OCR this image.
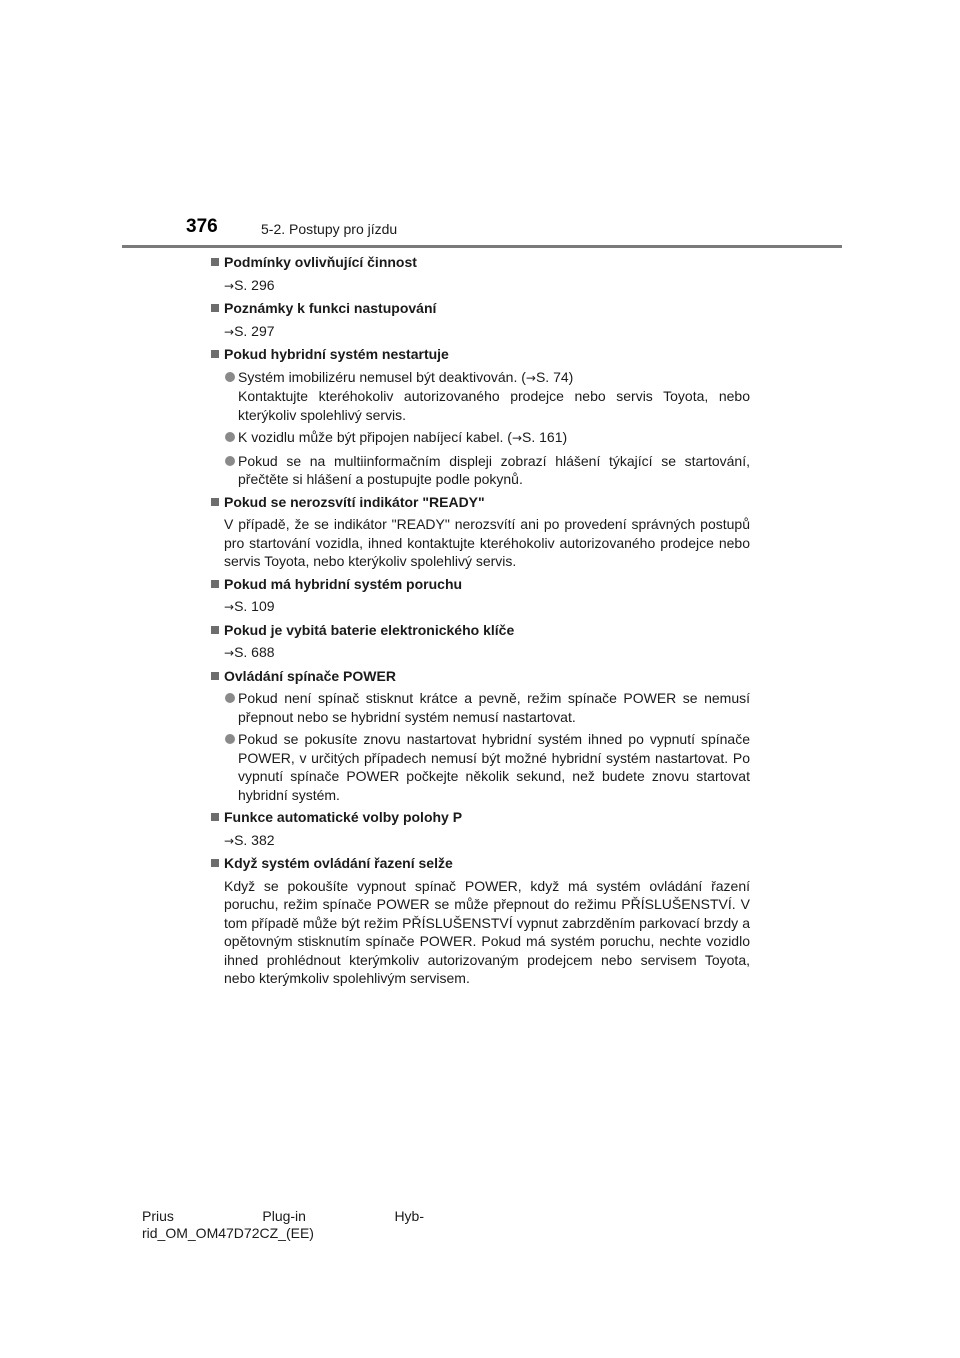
376	5-2. Postupy pro jízdu
Podmínky ovlivňující činnost
→S. 296
Poznámky k funkci nastupování
→S. 297
Pokud hybridní systém nestartuje
Systém imobilizéru nemusel být deaktivován. (→S. 74)
Kontaktujte kteréhokoliv autorizovaného prodejce nebo servis Toyota, nebo kterýkoliv spolehlivý servis.
K vozidlu může být připojen nabíjecí kabel. (→S. 161)
Pokud se na multiinformačním displeji zobrazí hlášení týkající se startování, přečtěte si hlášení a postupujte podle pokynů.
Pokud se nerozsvítí indikátor "READY"
V případě, že se indikátor "READY" nerozsvítí ani po provedení správných postupů pro startování vozidla, ihned kontaktujte kteréhokoliv autorizovaného prodejce nebo servis Toyota, nebo kterýkoliv spolehlivý servis.
Pokud má hybridní systém poruchu
→S. 109
Pokud je vybitá baterie elektronického klíče
→S. 688
Ovládání spínače POWER
Pokud není spínač stisknut krátce a pevně, režim spínače POWER se nemusí přepnout nebo se hybridní systém nemusí nastartovat.
Pokud se pokusíte znovu nastartovat hybridní systém ihned po vypnutí spínače POWER, v určitých případech nemusí být možné hybridní systém nastartovat. Po vypnutí spínače POWER počkejte několik sekund, než budete znovu startovat hybridní systém.
Funkce automatické volby polohy P
→S. 382
Když systém ovládání řazení selže
Když se pokoušíte vypnout spínač POWER, když má systém ovládání řazení poruchu, režim spínače POWER se může přepnout do režimu PŘÍSLUŠENSTVÍ. V tom případě může být režim PŘÍSLUŠENSTVÍ vypnut zabrzděním parkovací brzdy a opětovným stisknutím spínače POWER. Pokud má systém poruchu, nechte vozidlo ihned prohlédnout kterýmkoliv autorizovaným prodejcem nebo servisem Toyota, nebo kterýmkoliv spolehlivým servisem.
Prius	Plug-in	Hyb-
rid_OM_OM47D72CZ_(EE)
